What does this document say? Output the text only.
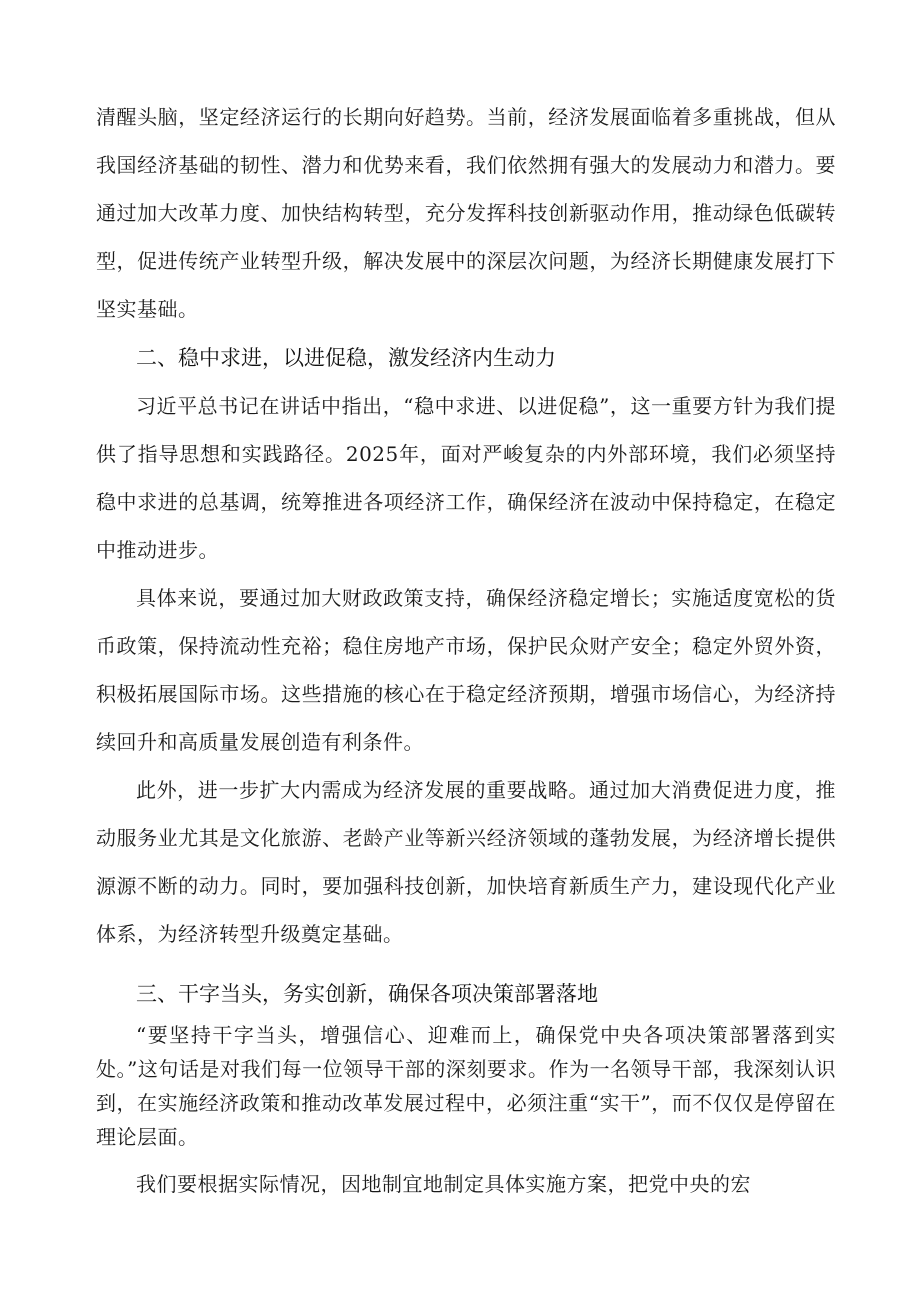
清醒头脑，坚定经济运行的长期向好趋势。当前，经济发展面临着多重挑战，但从我国经济基础的韧性、潜力和优势来看，我们依然拥有强大的发展动力和潜力。要通过加大改革力度、加快结构转型，充分发挥科技创新驱动作用，推动绿色低碳转型，促进传统产业转型升级，解决发展中的深层次问题，为经济长期健康发展打下坚实基础。

二、稳中求进，以进促稳，激发经济内生动力

习近平总书记在讲话中指出，“稳中求进、以进促稳”，这一重要方针为我们提供了指导思想和实践路径。2025年，面对严峻复杂的内外部环境，我们必须坚持稳中求进的总基调，统筹推进各项经济工作，确保经济在波动中保持稳定，在稳定中推动进步。

具体来说，要通过加大财政政策支持，确保经济稳定增长；实施适度宽松的货币政策，保持流动性充裕；稳住房地产市场，保护民众财产安全；稳定外贸外资，积极拓展国际市场。这些措施的核心在于稳定经济预期，增强市场信心，为经济持续回升和高质量发展创造有利条件。

此外，进一步扩大内需成为经济发展的重要战略。通过加大消费促进力度，推动服务业尤其是文化旅游、老龄产业等新兴经济领域的蓬勃发展，为经济增长提供源源不断的动力。同时，要加强科技创新，加快培育新质生产力，建设现代化产业体系，为经济转型升级奠定基础。

三、干字当头，务实创新，确保各项决策部署落地

“要坚持干字当头，增强信心、迎难而上，确保党中央各项决策部署落到实处。”这句话是对我们每一位领导干部的深刻要求。作为一名领导干部，我深刻认识到，在实施经济政策和推动改革发展过程中，必须注重“实干”，而不仅仅是停留在理论层面。

我们要根据实际情况，因地制宜地制定具体实施方案，把党中央的宏
